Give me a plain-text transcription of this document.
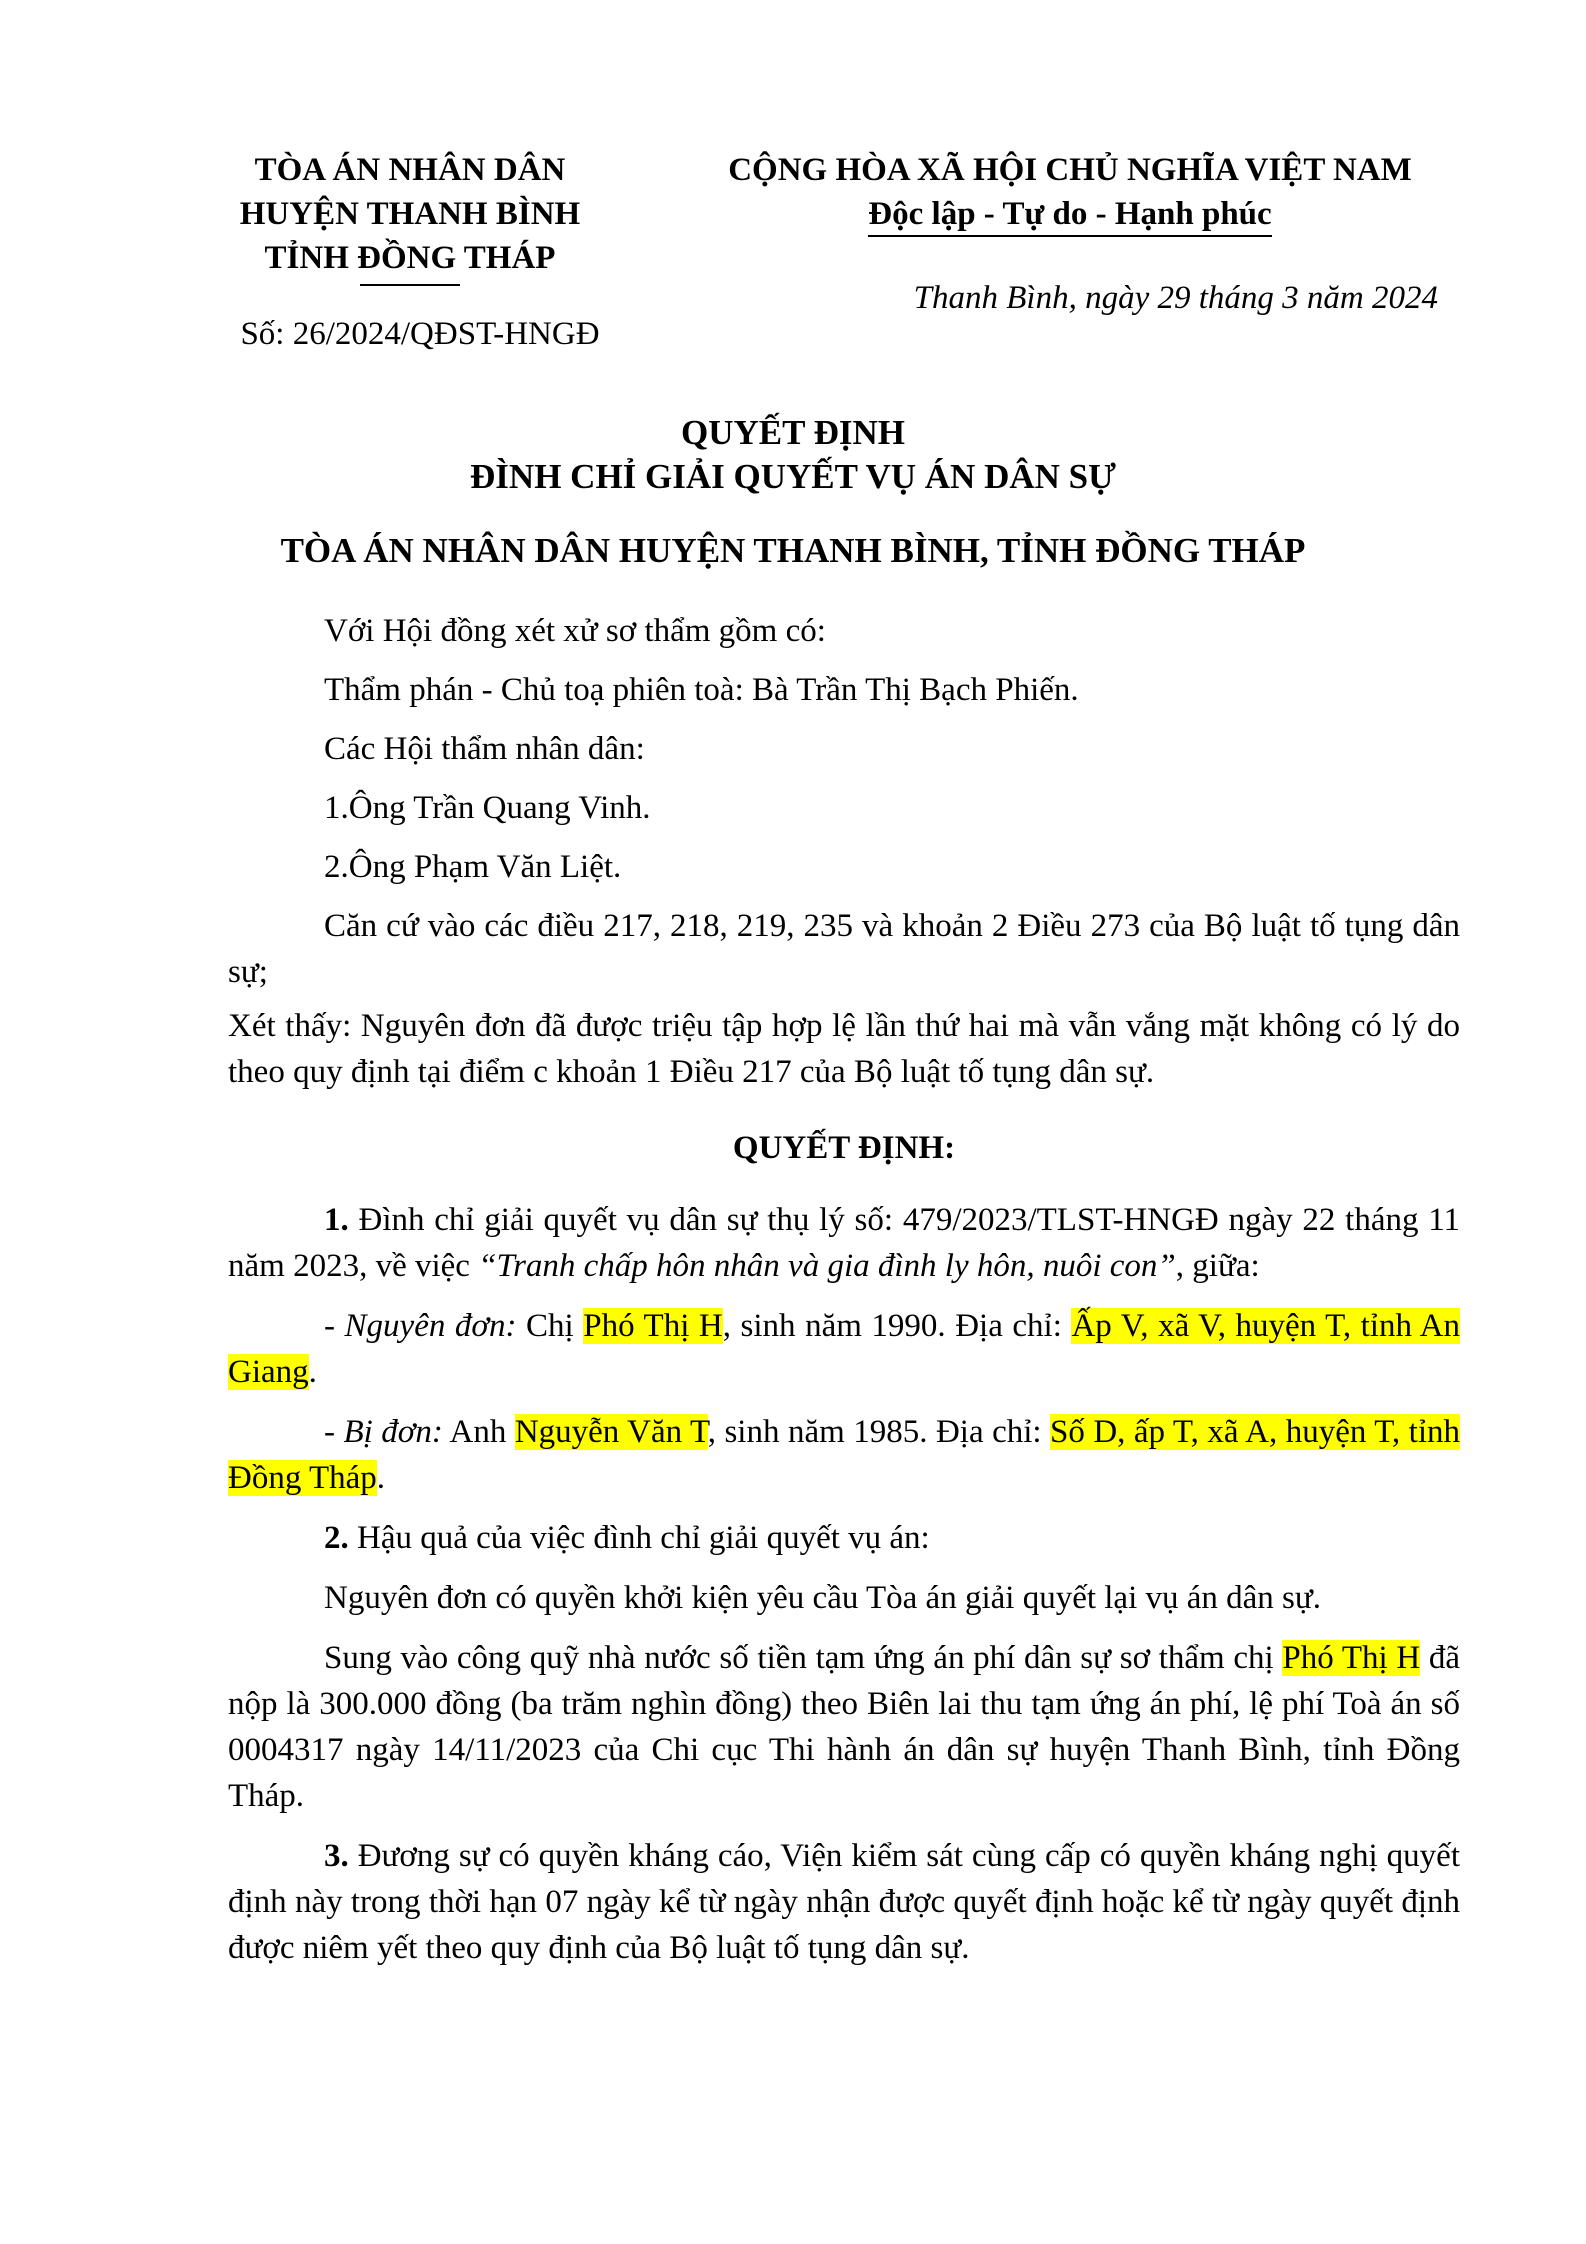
TÒA ÁN NHÂN DÂN
HUYỆN THANH BÌNH
TỈNH ĐỒNG THÁP
Số: 26/2024/QĐST-HNGĐ
CỘNG HÒA XÃ HỘI CHỦ NGHĨA VIỆT NAM
Độc lập - Tự do - Hạnh phúc
Thanh Bình, ngày 29 tháng 3 năm 2024
QUYẾT ĐỊNH
ĐÌNH CHỈ GIẢI QUYẾT VỤ ÁN DÂN SỰ
TÒA ÁN NHÂN DÂN HUYỆN THANH BÌNH, TỈNH ĐỒNG THÁP

Với Hội đồng xét xử sơ thẩm gồm có:

Thẩm phán - Chủ toạ phiên toà: Bà Trần Thị Bạch Phiến.

Các Hội thẩm nhân dân:

1.Ông Trần Quang Vinh.

2.Ông Phạm Văn Liệt.

Căn cứ vào các điều 217, 218, 219, 235 và khoản 2 Điều 273 của Bộ luật tố tụng dân sự;

Xét thấy: Nguyên đơn đã được triệu tập hợp lệ lần thứ hai mà vẫn vắng mặt không có lý do theo quy định tại điểm c khoản 1 Điều 217 của Bộ luật tố tụng dân sự.

QUYẾT ĐỊNH:

1. Đình chỉ giải quyết vụ dân sự thụ lý số: 479/2023/TLST-HNGĐ ngày 22 tháng 11 năm 2023, về việc “Tranh chấp hôn nhân và gia đình ly hôn, nuôi con”, giữa:

- Nguyên đơn: Chị Phó Thị H, sinh năm 1990. Địa chỉ: Ấp V, xã V, huyện T, tỉnh An Giang.

- Bị đơn: Anh Nguyễn Văn T, sinh năm 1985. Địa chỉ: Số D, ấp T, xã A, huyện T, tỉnh Đồng Tháp.

2. Hậu quả của việc đình chỉ giải quyết vụ án:

Nguyên đơn có quyền khởi kiện yêu cầu Tòa án giải quyết lại vụ án dân sự.

Sung vào công quỹ nhà nước số tiền tạm ứng án phí dân sự sơ thẩm chị Phó Thị H đã nộp là 300.000 đồng (ba trăm nghìn đồng) theo Biên lai thu tạm ứng án phí, lệ phí Toà án số 0004317 ngày 14/11/2023 của Chi cục Thi hành án dân sự huyện Thanh Bình, tỉnh Đồng Tháp.

3. Đương sự có quyền kháng cáo, Viện kiểm sát cùng cấp có quyền kháng nghị quyết định này trong thời hạn 07 ngày kể từ ngày nhận được quyết định hoặc kể từ ngày quyết định được niêm yết theo quy định của Bộ luật tố tụng dân sự.
